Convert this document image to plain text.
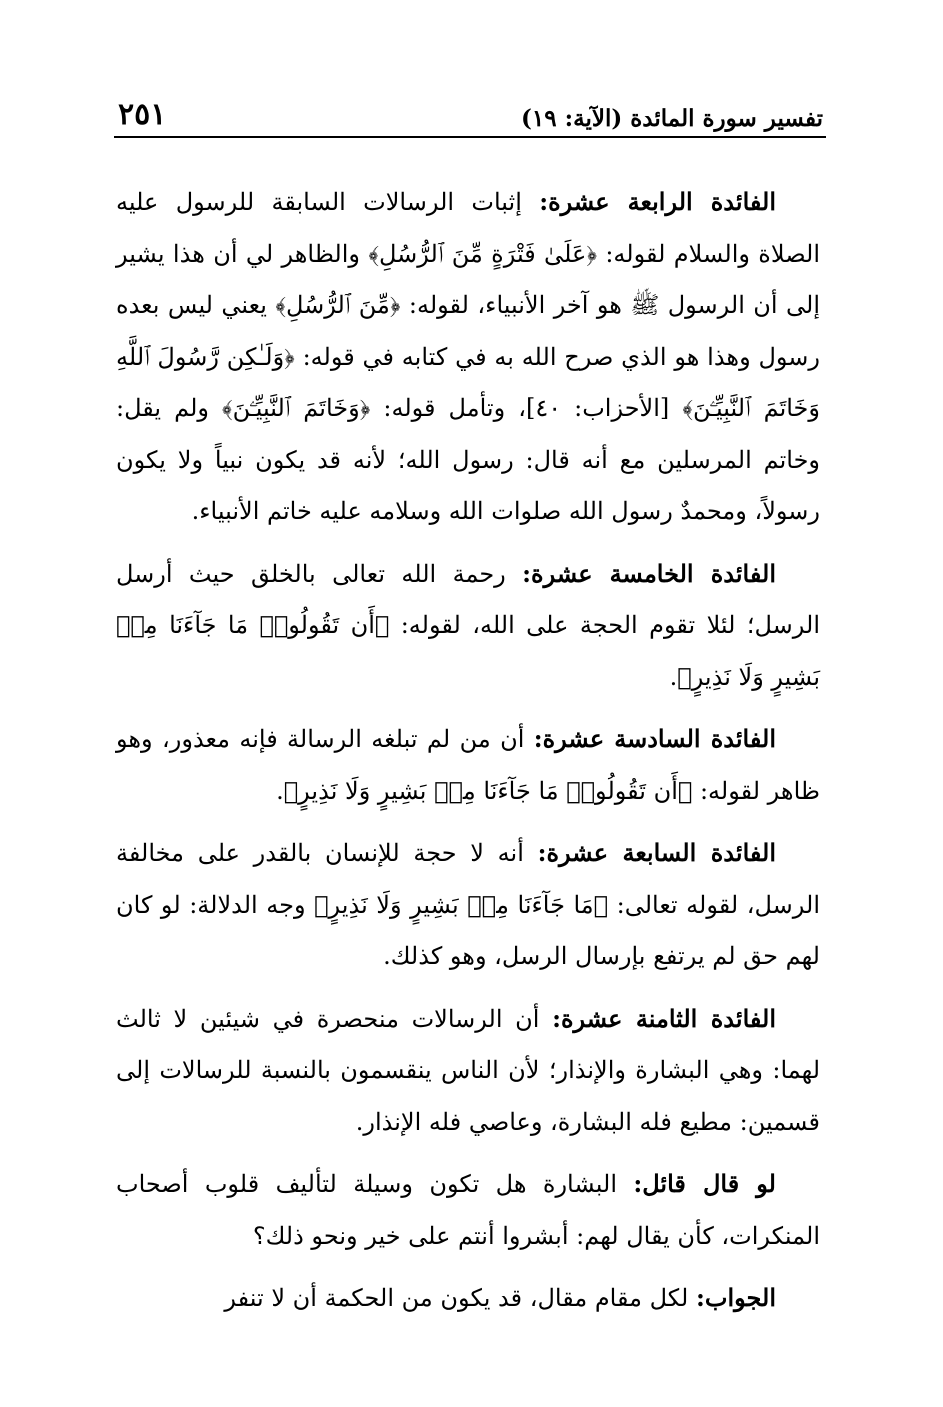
تفسير سورة المائدة (الآية: ١٩)
٢٥١

الفائدة الرابعة عشرة: إثبات الرسالات السابقة للرسول عليه الصلاة والسلام لقوله: ﴿عَلَىٰ فَتْرَةٍ مِّنَ ٱلرُّسُلِ﴾ والظاهر لي أن هذا يشير إلى أن الرسول ﷺ هو آخر الأنبياء، لقوله: ﴿مِّنَ ٱلرُّسُلِ﴾ يعني ليس بعده رسول وهذا هو الذي صرح الله به في كتابه في قوله: ﴿وَلَـٰكِن رَّسُولَ ٱللَّهِ وَخَاتَمَ ٱلنَّبِيِّـۧنَ﴾ [الأحزاب: ٤٠]، وتأمل قوله: ﴿وَخَاتَمَ ٱلنَّبِيِّـۧنَ﴾ ولم يقل: وخاتم المرسلين مع أنه قال: رسول الله؛ لأنه قد يكون نبياً ولا يكون رسولاً، ومحمدٌ رسول الله صلوات الله وسلامه عليه خاتم الأنبياء.

الفائدة الخامسة عشرة: رحمة الله تعالى بالخلق حيث أرسل الرسل؛ لئلا تقوم الحجة على الله، لقوله: ﴿أَن تَقُولُوا۟ مَا جَآءَنَا مِنۢ بَشِيرٍ وَلَا نَذِيرٍ﴾.

الفائدة السادسة عشرة: أن من لم تبلغه الرسالة فإنه معذور، وهو ظاهر لقوله: ﴿أَن تَقُولُوا۟ مَا جَآءَنَا مِنۢ بَشِيرٍ وَلَا نَذِيرٍ﴾.

الفائدة السابعة عشرة: أنه لا حجة للإنسان بالقدر على مخالفة الرسل، لقوله تعالى: ﴿مَا جَآءَنَا مِنۢ بَشِيرٍ وَلَا نَذِيرٍ﴾ وجه الدلالة: لو كان لهم حق لم يرتفع بإرسال الرسل، وهو كذلك.

الفائدة الثامنة عشرة: أن الرسالات منحصرة في شيئين لا ثالث لهما: وهي البشارة والإنذار؛ لأن الناس ينقسمون بالنسبة للرسالات إلى قسمين: مطيع فله البشارة، وعاصي فله الإنذار.

لو قال قائل: البشارة هل تكون وسيلة لتأليف قلوب أصحاب المنكرات، كأن يقال لهم: أبشروا أنتم على خير ونحو ذلك؟

الجواب: لكل مقام مقال، قد يكون من الحكمة أن لا تنفر
